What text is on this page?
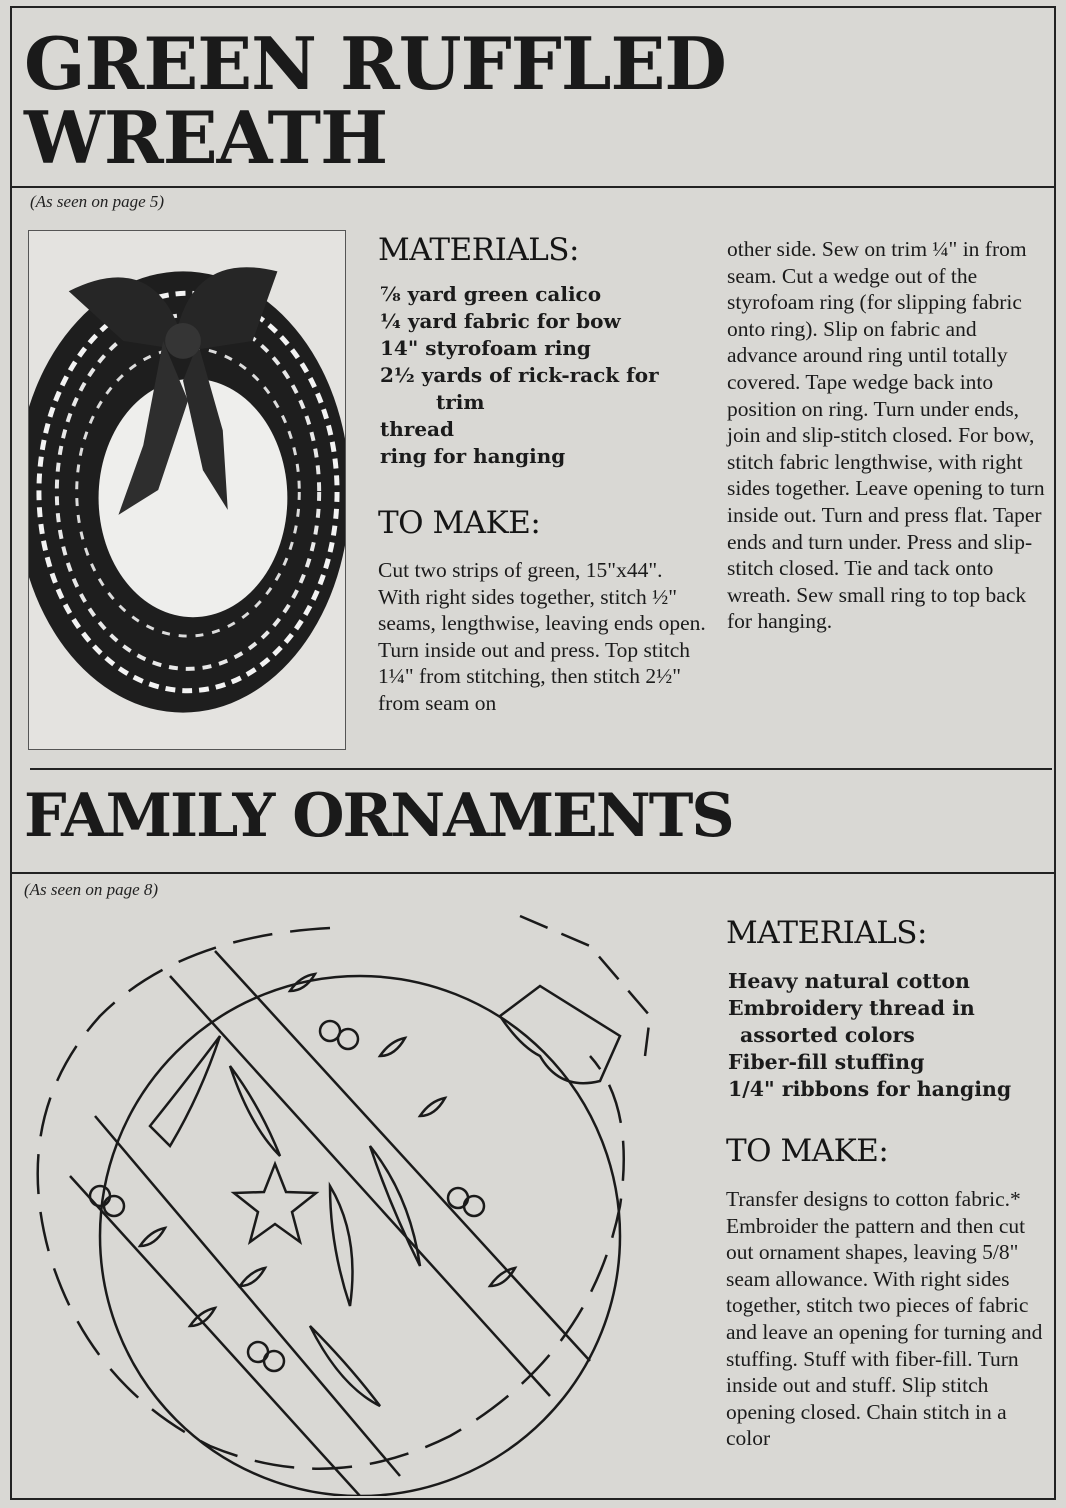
GREEN RUFFLED
WREATH
(As seen on page 5)
MATERIALS:
⅞ yard green calico
¼ yard fabric for bow
14" styrofoam ring
2½ yards of rick-rack for
trim
thread
ring for hanging
TO MAKE:

Cut two strips of green, 15"x44". With right sides together, stitch ½" seams, lengthwise, leaving ends open. Turn inside out and press. Top stitch 1¼" from stitching, then stitch 2½" from seam on

other side. Sew on trim ¼" in from seam. Cut a wedge out of the styrofoam ring (for slipping fabric onto ring). Slip on fabric and advance around ring until totally covered. Tape wedge back into position on ring. Turn under ends, join and slip-stitch closed. For bow, stitch fabric lengthwise, with right sides together. Leave opening to turn inside out. Turn and press flat. Taper ends and turn under. Press and slip-stitch closed. Tie and tack onto wreath. Sew small ring to top back for hanging.

FAMILY ORNAMENTS
(As seen on page 8)
MATERIALS:
Heavy natural cotton
Embroidery thread in
assorted colors
Fiber-fill stuffing
1/4" ribbons for hanging
TO MAKE:

Transfer designs to cotton fabric.* Embroider the pattern and then cut out ornament shapes, leaving 5/8" seam allowance. With right sides together, stitch two pieces of fabric and leave an opening for turning and stuffing. Stuff with fiber-fill. Turn inside out and stuff. Slip stitch opening closed. Chain stitch in a color
